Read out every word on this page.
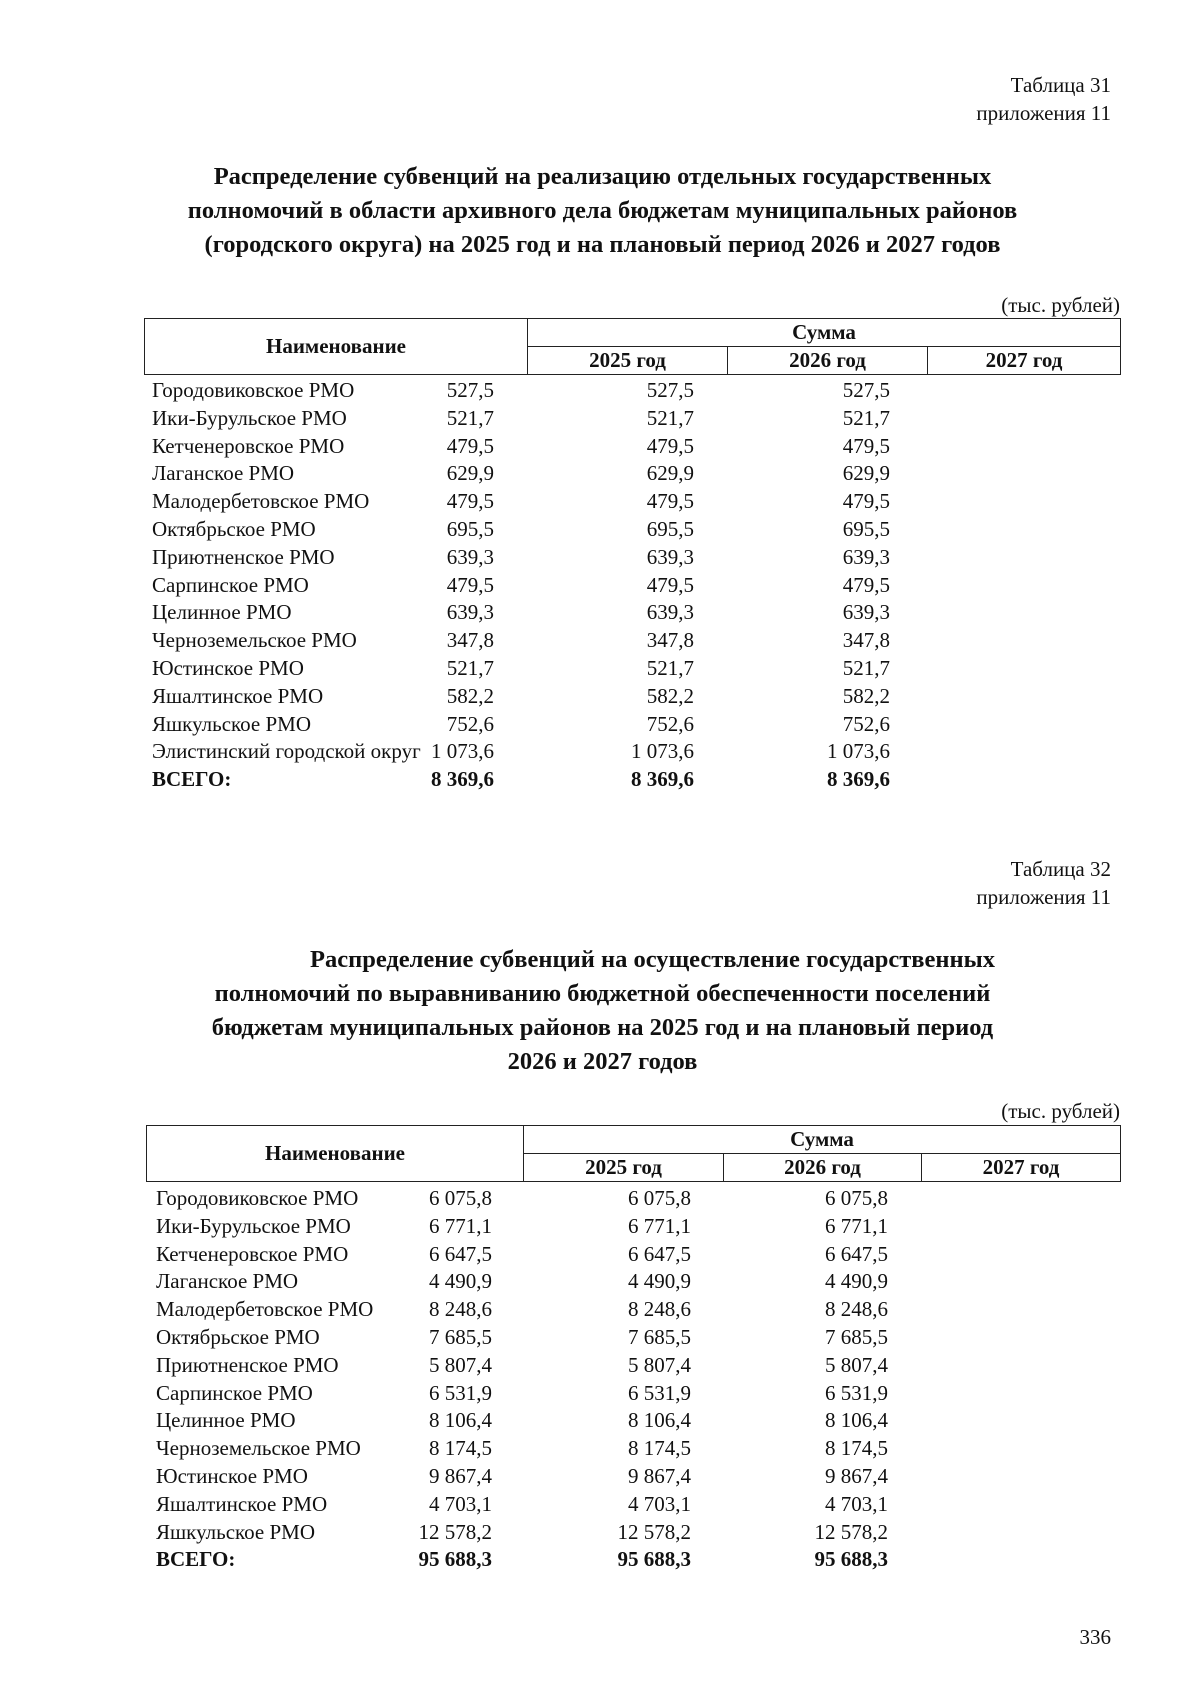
Таблица 31
приложения 11
Распределение субвенций на реализацию отдельных государственных
полномочий в области архивного дела бюджетам муниципальных районов
(городского округа) на 2025 год и на плановый период 2026 и 2027 годов
(тыс. рублей)
Наименование	Сумма		
	2025 год	2026 год	2027 год
Городовиковское РМО	527,5	527,5	527,5
Ики-Бурульское РМО	521,7	521,7	521,7
Кетченеровское РМО	479,5	479,5	479,5
Лаганское РМО	629,9	629,9	629,9
Малодербетовское РМО	479,5	479,5	479,5
Октябрьское РМО	695,5	695,5	695,5
Приютненское РМО	639,3	639,3	639,3
Сарпинское РМО	479,5	479,5	479,5
Целинное РМО	639,3	639,3	639,3
Черноземельское РМО	347,8	347,8	347,8
Юстинское РМО	521,7	521,7	521,7
Яшалтинское РМО	582,2	582,2	582,2
Яшкульское РМО	752,6	752,6	752,6
Элистинский городской округ 1 073,6	1 073,6	1 073,6
ВСЕГО:	8 369,6	8 369,6	8 369,6
Таблица 32
приложения 11
Распределение субвенций на осуществление государственных
полномочий по выравниванию бюджетной обеспеченности поселений
бюджетам муниципальных районов на 2025 год и на плановый период
2026 и 2027 годов
(тыс. рублей)
Наименование	Сумма		
	2025 год	2026 год	2027 год
Городовиковское РМО	6 075,8	6 075,8	6 075,8
Ики-Бурульское РМО	6 771,1	6 771,1	6 771,1
Кетченеровское РМО	6 647,5	6 647,5	6 647,5
Лаганское РМО	4 490,9	4 490,9	4 490,9
Малодербетовское РМО	8 248,6	8 248,6	8 248,6
Октябрьское РМО	7 685,5	7 685,5	7 685,5
Приютненское РМО	5 807,4	5 807,4	5 807,4
Сарпинское РМО	6 531,9	6 531,9	6 531,9
Целинное РМО	8 106,4	8 106,4	8 106,4
Черноземельское РМО	8 174,5	8 174,5	8 174,5
Юстинское РМО	9 867,4	9 867,4	9 867,4
Яшалтинское РМО	4 703,1	4 703,1	4 703,1
Яшкульское РМО	12 578,2	12 578,2	12 578,2
ВСЕГО:	95 688,3	95 688,3	95 688,3
336
